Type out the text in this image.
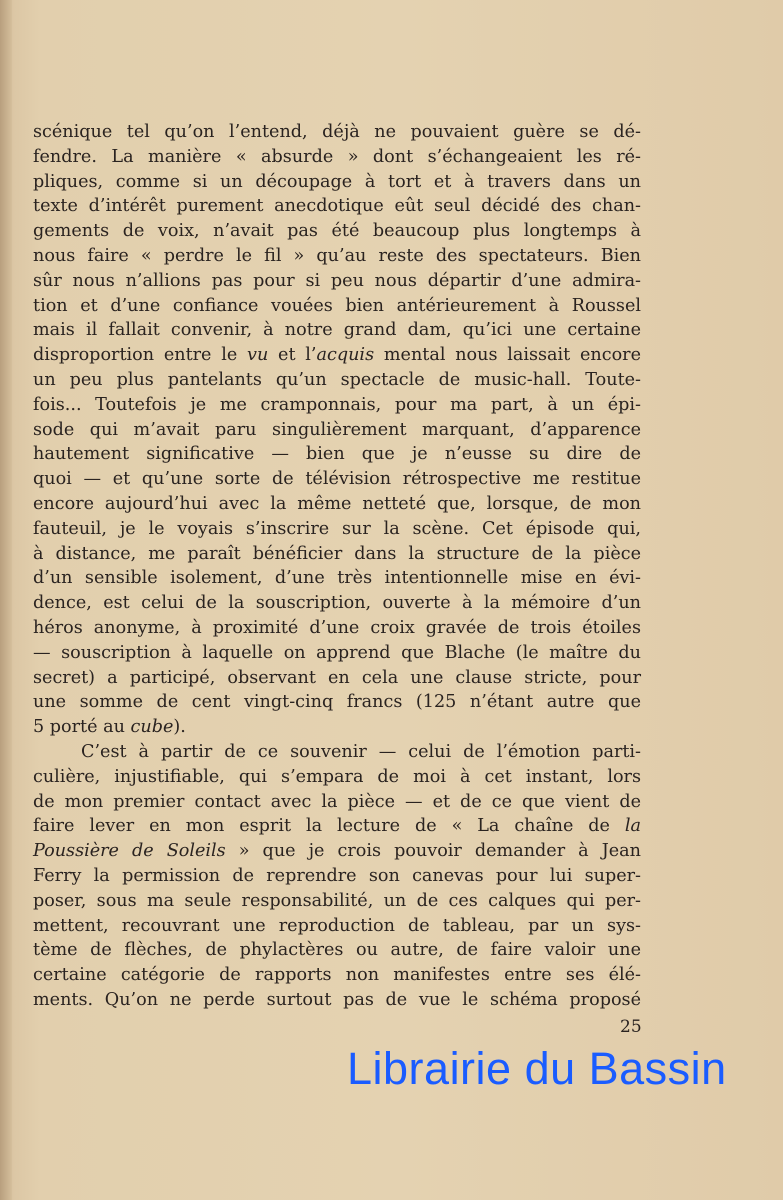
scénique tel qu’on l’entend, déjà ne pouvaient guère se dé-
fendre. La manière « absurde » dont s’échangeaient les ré-
pliques, comme si un découpage à tort et à travers dans un
texte d’intérêt purement anecdotique eût seul décidé des chan-
gements de voix, n’avait pas été beaucoup plus longtemps à
nous faire « perdre le fil » qu’au reste des spectateurs. Bien
sûr nous n’allions pas pour si peu nous départir d’une admira-
tion et d’une confiance vouées bien antérieurement à Roussel
mais il fallait convenir, à notre grand dam, qu’ici une certaine
disproportion entre le vu et l’acquis mental nous laissait encore
un peu plus pantelants qu’un spectacle de music-hall. Toute-
fois... Toutefois je me cramponnais, pour ma part, à un épi-
sode qui m’avait paru singulièrement marquant, d’apparence
hautement significative — bien que je n’eusse su dire de
quoi — et qu’une sorte de télévision rétrospective me restitue
encore aujourd’hui avec la même netteté que, lorsque, de mon
fauteuil, je le voyais s’inscrire sur la scène. Cet épisode qui,
à distance, me paraît bénéficier dans la structure de la pièce
d’un sensible isolement, d’une très intentionnelle mise en évi-
dence, est celui de la souscription, ouverte à la mémoire d’un
héros anonyme, à proximité d’une croix gravée de trois étoiles
— souscription à laquelle on apprend que Blache (le maître du
secret) a participé, observant en cela une clause stricte, pour
une somme de cent vingt-cinq francs (125 n’étant autre que
5 porté au cube).
C’est à partir de ce souvenir — celui de l’émotion parti-
culière, injustifiable, qui s’empara de moi à cet instant, lors
de mon premier contact avec la pièce — et de ce que vient de
faire lever en mon esprit la lecture de « La chaîne de la
Poussière de Soleils » que je crois pouvoir demander à Jean
Ferry la permission de reprendre son canevas pour lui super-
poser, sous ma seule responsabilité, un de ces calques qui per-
mettent, recouvrant une reproduction de tableau, par un sys-
tème de flèches, de phylactères ou autre, de faire valoir une
certaine catégorie de rapports non manifestes entre ses élé-
ments. Qu’on ne perde surtout pas de vue le schéma proposé
25
Librairie du Bassin
